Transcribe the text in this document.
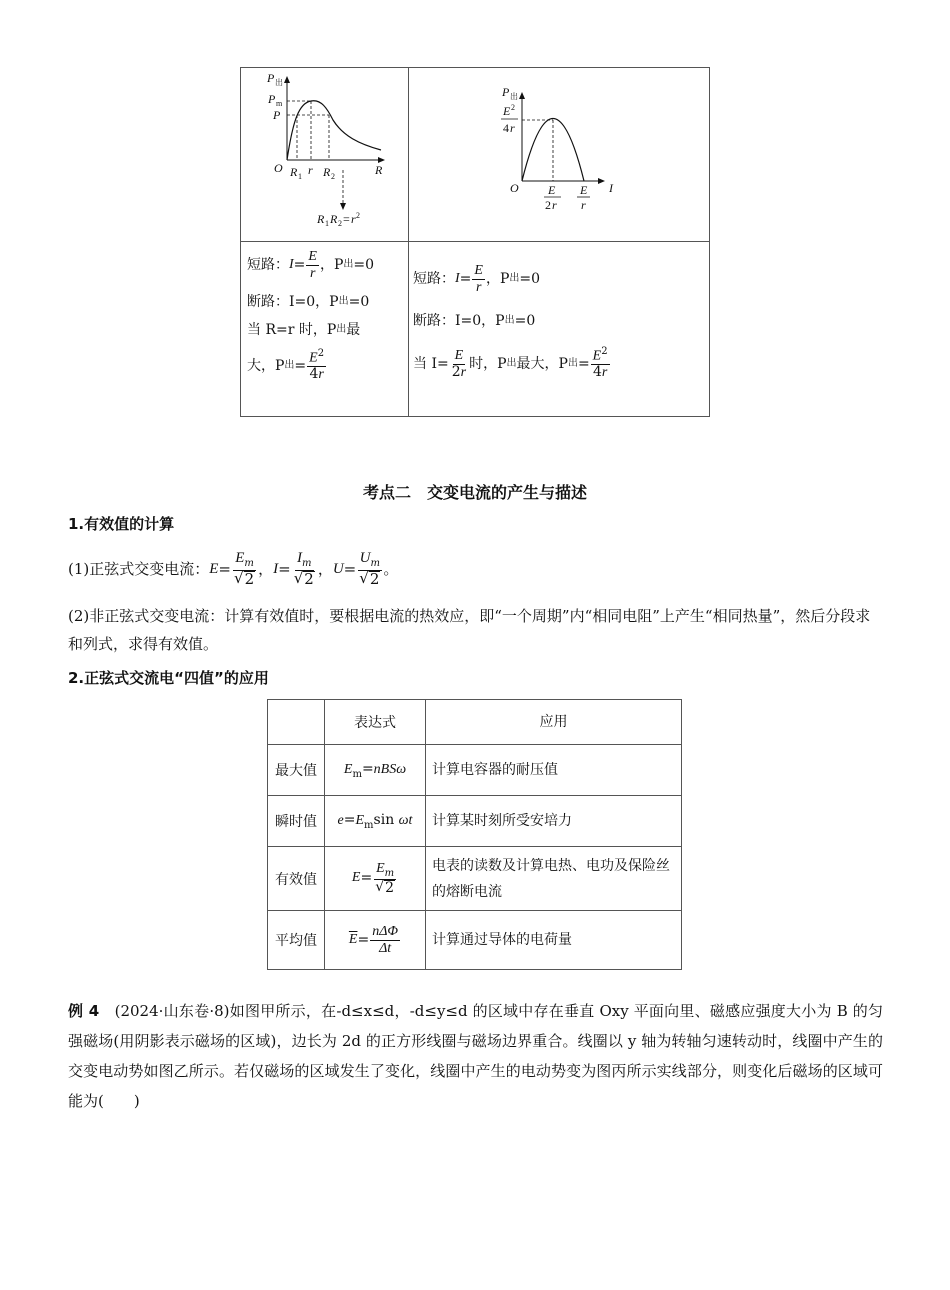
P 出
P m
P
O R 1 r R 2	R
R 1 R 2 = r 2
P 出
E 2
4 r
O E
2 r
E
r
I
短路： $I = \frac{E}{r}$ ，P 出 =0
断路：I=0，P 出 =0
当 R=r 时，P 出 最
大，P 出 = $\frac{E^2}{4r}$
短路： $I = \frac{E}{r}$ ，P 出 =0
断路：I=0，P 出 =0
当 $I= \frac{E}{2r}$ 时，P 出 最大，P 出 = $\frac{E^2}{4r}$
考点二　交变电流的产生与描述
1.有效值的计算
(1)正弦式交变电流： $E = \frac{E_m}{√ 2}$ ， $I = \frac{I_m}{√ 2}$ ， $U = \frac{U_m}{√ 2}$ 。
(2)非正弦式交变电流：计算有效值时，要根据电流的热效应，即“一个周期”内“相同电阻”上产生“相同热量”，然后分段求和列式，求得有效值。
2.正弦式交流电“四值”的应用
	表达式	应用
最大值	$E_m=nBS\omega$	计算电容器的耐压值
瞬时值	$e=E_m\sin$ ωt	计算某时刻所受安培力
有效值	$E = \frac{E_m}{√ 2}$	电表的读数及计算电热、电功及保险丝的熔断电流
平均值	$\overline{E} = \frac{\text{nΔΦ}}{\Delta t}$	计算通过导体的电荷量
例 4　(2024·山东卷·8)如图甲所示，在-d≤x≤d，-d≤y≤d 的区域中存在垂直 Oxy 平面向里、磁感应强度大小为 B 的匀强磁场(用阴影表示磁场的区域)，边长为 2d 的正方形线圈与磁场边界重合。线圈以 y 轴为转轴匀速转动时，线圈中产生的交变电动势如图乙所示。若仅磁场的区域发生了变化，线圈中产生的电动势变为图丙所示实线部分，则变化后磁场的区域可能为(　　)
